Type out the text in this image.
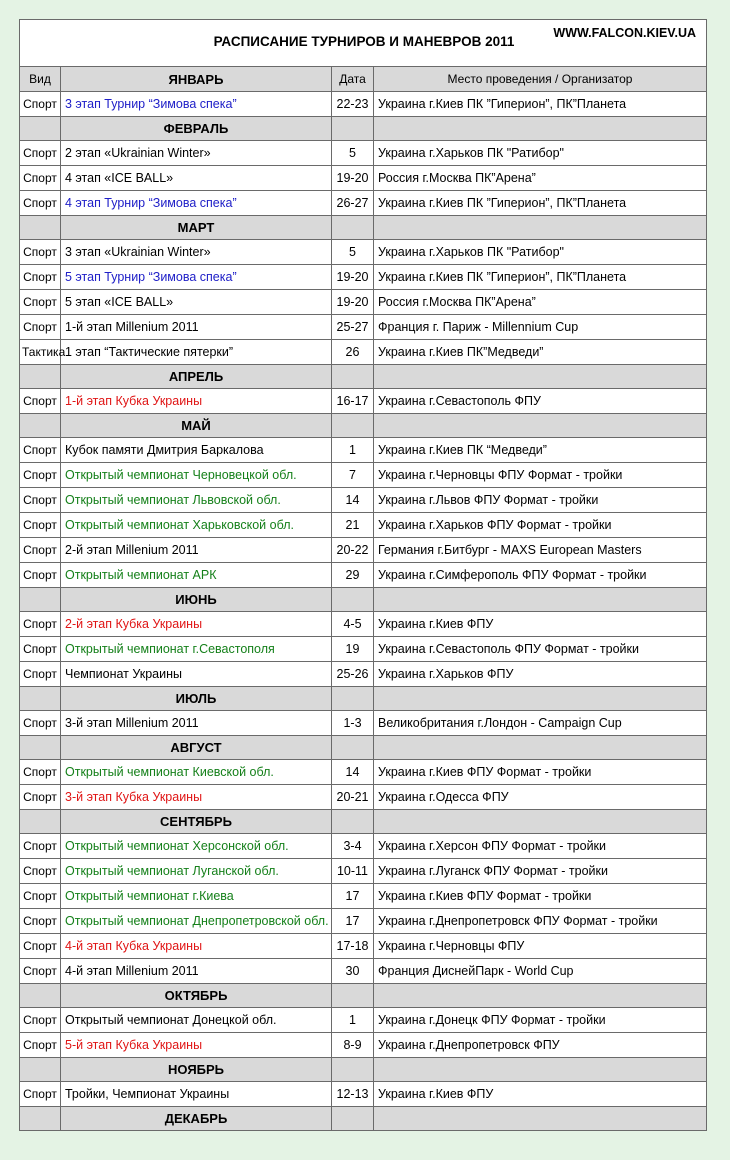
РАСПИСАНИЕ ТУРНИРОВ И МАНЕВРОВ 2011
WWW.FALCON.KIEV.UA			

Вид	ЯНВАРЬ	Дата	Место проведения / Организатор
Спорт	3 этап Турнир “Зимова спека”	22-23	Украина г.Киев ПК ”Гиперион”, ПК”Планета
	ФЕВРАЛЬ		
Спорт	2 этап «Ukrainian Winter»	5	Украина г.Харьков ПК "Ратибор"
Спорт	4 этап «ICE BALL»	19-20	Россия г.Москва ПК”Арена”
Спорт	4 этап Турнир “Зимова спека”	26-27	Украина г.Киев ПК ”Гиперион”, ПК”Планета
	МАРТ		
Спорт	3 этап «Ukrainian Winter»	5	Украина г.Харьков ПК "Ратибор"
Спорт	5 этап Турнир “Зимова спека”	19-20	Украина г.Киев ПК ”Гиперион”, ПК”Планета
Спорт	5 этап «ICE BALL»	19-20	Россия г.Москва ПК”Арена”
Спорт	1-й этап Millenium 2011	25-27	Франция г. Париж - Millennium Cup
Тактика	1 этап “Тактические пятерки”	26	Украина г.Киев ПК”Медведи”
	АПРЕЛЬ		
Спорт	1-й этап Кубка Украины	16-17	Украина г.Севастополь ФПУ
	МАЙ		
Спорт	Кубок памяти Дмитрия Баркалова	1	Украина г.Киев ПК “Медведи”
Спорт	Открытый чемпионат Черновецкой обл.	7	Украина г.Черновцы ФПУ Формат - тройки
Спорт	Открытый чемпионат Львовской обл.	14	Украина г.Львов ФПУ Формат - тройки
Спорт	Открытый чемпионат Харьковской обл.	21	Украина г.Харьков ФПУ Формат - тройки
Спорт	2-й этап Millenium 2011	20-22	Германия г.Битбург - MAXS European Masters
Спорт	Открытый чемпионат АРК	29	Украина г.Симферополь ФПУ Формат - тройки
	ИЮНЬ		
Спорт	2-й этап Кубка Украины	4-5	Украина г.Киев ФПУ
Спорт	Открытый чемпионат г.Севастополя	19	Украина г.Севастополь ФПУ Формат - тройки
Спорт	Чемпионат Украины	25-26	Украина г.Харьков ФПУ
	ИЮЛЬ		
Спорт	3-й этап Millenium 2011	1-3	Великобритания г.Лондон - Campaign Cup
	АВГУСТ		
Спорт	Открытый чемпионат Киевской обл.	14	Украина г.Киев ФПУ Формат - тройки
Спорт	3-й этап Кубка Украины	20-21	Украина г.Одесса ФПУ
	СЕНТЯБРЬ		
Спорт	Открытый чемпионат Херсонской обл.	3-4	Украина г.Херсон ФПУ Формат - тройки
Спорт	Открытый чемпионат Луганской обл.	10-11	Украина г.Луганск ФПУ Формат - тройки
Спорт	Открытый чемпионат г.Киева	17	Украина г.Киев ФПУ Формат - тройки
Спорт	Открытый чемпионат Днепропетровской обл.	17	Украина г.Днепропетровск ФПУ Формат - тройки
Спорт	4-й этап Кубка Украины	17-18	Украина г.Черновцы ФПУ
Спорт	4-й этап Millenium 2011	30	Франция ДиснейПарк - World Cup
	ОКТЯБРЬ		
Спорт	Открытый чемпионат Донецкой обл.	1	Украина г.Донецк ФПУ Формат - тройки
Спорт	5-й этап Кубка Украины	8-9	Украина г.Днепропетровск ФПУ
	НОЯБРЬ		
Спорт	Тройки, Чемпионат Украины	12-13	Украина г.Киев ФПУ
	ДЕКАБРЬ		
